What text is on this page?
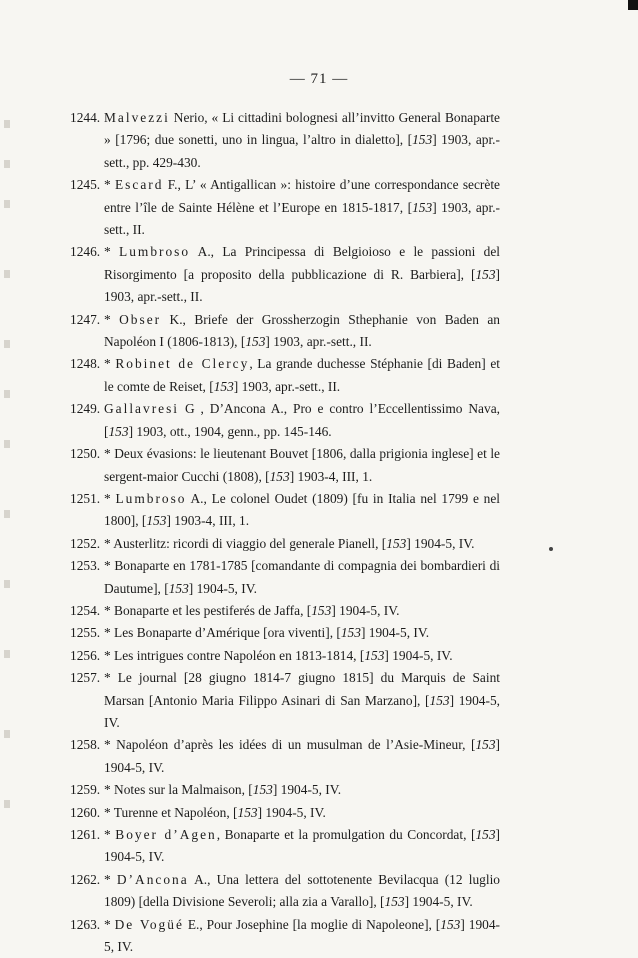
— 71 —
1244. Malvezzi Nerio, « Li cittadini bolognesi all’invitto General Bonaparte » [1796; due sonetti, uno in lingua, l’altro in dialetto], [153] 1903, apr.-sett., pp. 429-430.
1245. * Escard F., L’ « Antigallican »: histoire d’une correspondance secrète entre l’île de Sainte Hélène et l’Europe en 1815-1817, [153] 1903, apr.-sett., II.
1246. * Lumbroso A., La Principessa di Belgioioso e le passioni del Risorgimento [a proposito della pubblicazione di R. Barbiera], [153] 1903, apr.-sett., II.
1247. * Obser K., Briefe der Grossherzogin Sthephanie von Baden an Napoléon I (1806-1813), [153] 1903, apr.-sett., II.
1248. * Robinet de Clercy, La grande duchesse Stéphanie [di Baden] et le comte de Reiset, [153] 1903, apr.-sett., II.
1249. Gallavresi G , D’Ancona A., Pro e contro l’Eccellentissimo Nava, [153] 1903, ott., 1904, genn., pp. 145-146.
1250. * Deux évasions: le lieutenant Bouvet [1806, dalla prigionia inglese] et le sergent-maior Cucchi (1808), [153] 1903-4, III, 1.
1251. * Lumbroso A., Le colonel Oudet (1809) [fu in Italia nel 1799 e nel 1800], [153] 1903-4, III, 1.
1252. * Austerlitz: ricordi di viaggio del generale Pianell, [153] 1904-5, IV.
1253. * Bonaparte en 1781-1785 [comandante di compagnia dei bombardieri di Dautume], [153] 1904-5, IV.
1254. * Bonaparte et les pestiferés de Jaffa, [153] 1904-5, IV.
1255. * Les Bonaparte d’Amérique [ora viventi], [153] 1904-5, IV.
1256. * Les intrigues contre Napoléon en 1813-1814, [153] 1904-5, IV.
1257. * Le journal [28 giugno 1814-7 giugno 1815] du Marquis de Saint Marsan [Antonio Maria Filippo Asinari di San Marzano], [153] 1904-5, IV.
1258. * Napoléon d’après les idées di un musulman de l’Asie-Mineur, [153] 1904-5, IV.
1259. * Notes sur la Malmaison, [153] 1904-5, IV.
1260. * Turenne et Napoléon, [153] 1904-5, IV.
1261. * Boyer d’Agen, Bonaparte et la promulgation du Concordat, [153] 1904-5, IV.
1262. * D’Ancona A., Una lettera del sottotenente Bevilacqua (12 luglio 1809) [della Divisione Severoli; alla zia a Varallo], [153] 1904-5, IV.
1263. * De Vogüé E., Pour Josephine [la moglie di Napoleone], [153] 1904-5, IV.
